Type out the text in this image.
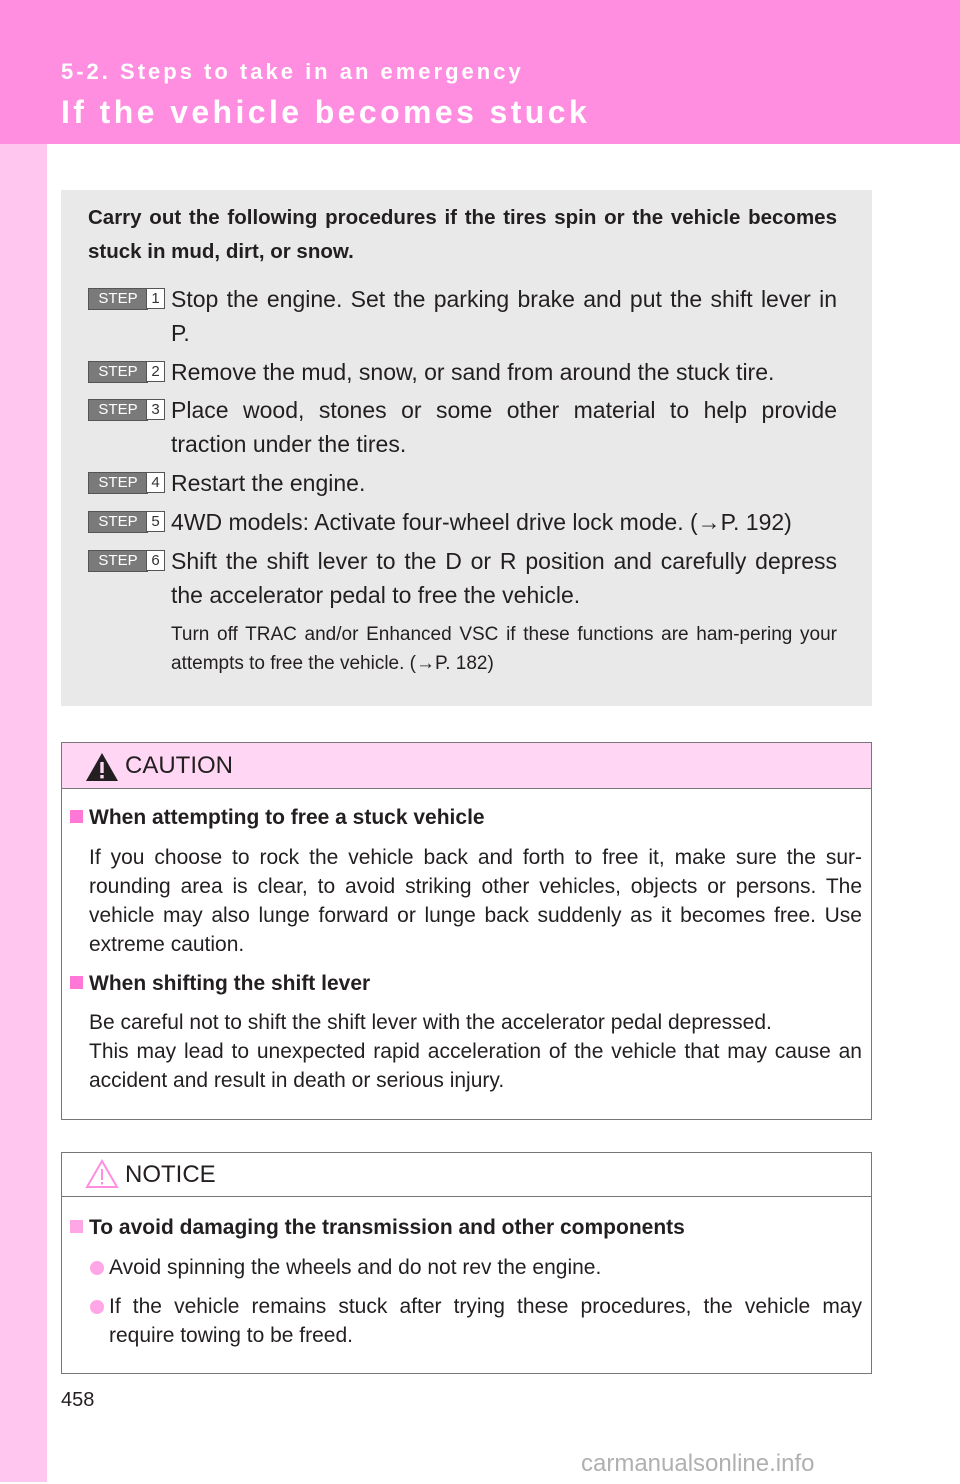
5-2. Steps to take in an emergency
If the vehicle becomes stuck
Carry out the following procedures if the tires spin or the vehicle becomes stuck in mud, dirt, or snow.
STEP 1 Stop the engine. Set the parking brake and put the shift lever in P.
STEP 2 Remove the mud, snow, or sand from around the stuck tire.
STEP 3 Place wood, stones or some other material to help provide traction under the tires.
STEP 4 Restart the engine.
STEP 5 4WD models: Activate four-wheel drive lock mode. (→P. 192)
STEP 6 Shift the shift lever to the D or R position and carefully depress the accelerator pedal to free the vehicle.
Turn off TRAC and/or Enhanced VSC if these functions are ham-pering your attempts to free the vehicle. (→P. 182)
CAUTION
When attempting to free a stuck vehicle
If you choose to rock the vehicle back and forth to free it, make sure the sur-rounding area is clear, to avoid striking other vehicles, objects or persons. The vehicle may also lunge forward or lunge back suddenly as it becomes free. Use extreme caution.
When shifting the shift lever
Be careful not to shift the shift lever with the accelerator pedal depressed.
This may lead to unexpected rapid acceleration of the vehicle that may cause an accident and result in death or serious injury.
NOTICE
To avoid damaging the transmission and other components
Avoid spinning the wheels and do not rev the engine.
If the vehicle remains stuck after trying these procedures, the vehicle may require towing to be freed.
458
carmanualsonline.info
